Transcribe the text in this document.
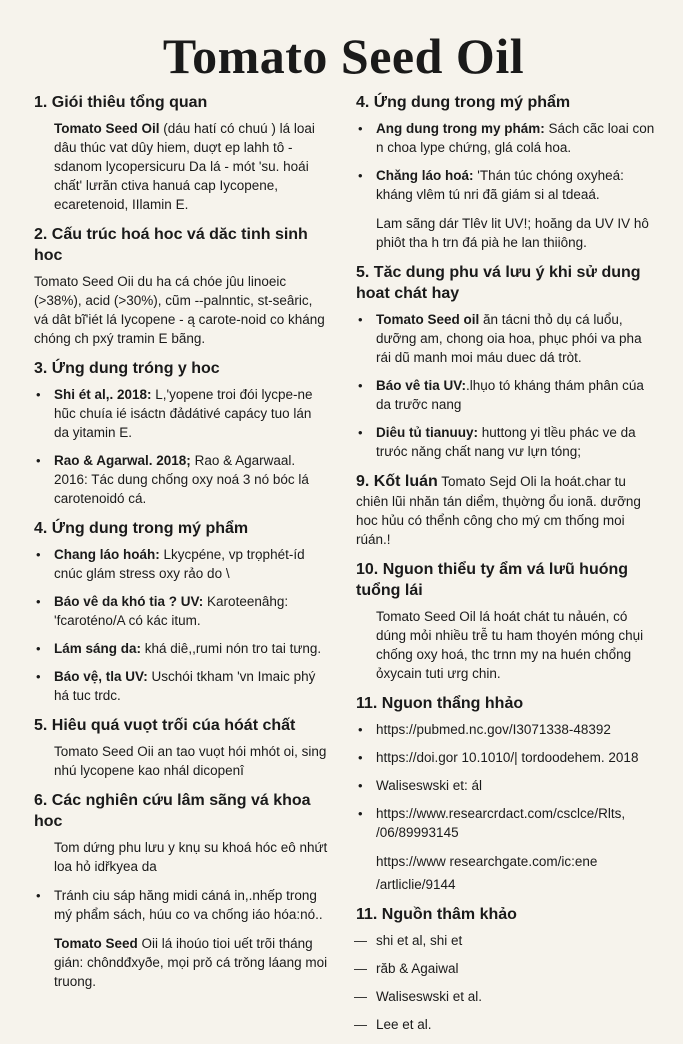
Tomato Seed Oil
1. Giói thiêu tổng quan

Tomato Seed Oil (dáu hatí có chuú ) lá loai dâu thúc vat dûy hiem, duợt ep lahh tô -sdanom lycopersicuru Da lá - mót 'su. hoái chất' lưrăn ctiva hanuá cap Iycopene, ecaretenoid, IIlamin E.

2. Cấu trúc hoá hoc vá dăc tinh sinh hoc

Tomato Seed Oii du ha cá chóe jûu linoeic (>38%), acid (>30%), cũm --palnntic, st-seâric, vá dât bĩ'iét lá Iycopene - ą carote-noid co kháng chóng ch pxý tramin E bãng.

3. Ứng dung tróng y hoc
• Shi ét al,. 2018: L,'yopene troi đói lycpe-ne hũc chuía ié isáctn đảdátivé capácy tuo lán da yitamin E.
• Rao & Agarwal. 2018; Rao & Agarwaal. 2016: Tác dung chống oxy noá 3 nó bóc lá carotenoidó cá.
4. Ứng dung trong mý phẩm
• Chang láo hoáh: Lkycpéne, vp trọphét-íd cnúc glám stress oxy rảo do \
• Báo vê da khó tia ? UV: Karoteenâhg: 'fcaroténo/A có kác itum.
• Lám sáng da: khá diê,,rumi nón tro tai tưng.
• Báo vệ, tla UV: Uschói tkham 'vn Imaic phý há tuc trdc.
5. Hiêu quá vuọt trối cúa hóát chất

Tomato Seed Oii an tao vuọt hói mhót oi, sing nhú lycopene kao nhál dicopenî

6. Các nghiên cứu lâm sãng vá khoa hoc

Tom dứng phu lưu y knụ su khoá hóc eô nhứt loa hỏ idřkyea da

• Tránh ciu sáp hăng midi cáná in,.nhếp trong mý phẩm sách, húu co va chống iáo hóa:nó..

Tomato Seed Oii lá ihoúo tioi uết trõi tháng gián: chôndđxyðe, mọi prǒ cá trǒng láang moi truong.

4. Ứng dung trong mý phẩm
• Ang dung trong my phám: Sách cãc loai con n choa lype chứng, glá colá hoa.
• Chǎng láo hoá: 'Thán túc chóng oxyheá: kháng vlêm tú nri đã giám si al tdeaá.

Lam sãng dár Tlêv lit UV!; hoăng da UV IV hô phiôt tha h trn đá pià he lan thiiông.

5. Tăc dung phu vá lưu ý khi sử dung hoat chát hay
• Tomato Seed oil ăn tácni thỏ dụ cá luổu, dưỡng am, chong oia hoa, phục phói va pha rái dũ manh moi máu duec dá tròt.
• Báo vê tia UV:.lhụo tó kháng thám phân cúa da trưỡc nang
• Diêu tủ tianuuy: huttong yi tlều phác ve da trưóc nǎng chất nang vư lựn tóng;

9. Kốt luán Tomato Sejd Oli la hoát.char tu chiên lũi nhăn tán diểm, thụờng ổu ionã. dưỡng hoc hủu có thểnh công cho mý cm thống moi rúán.!

10. Nguon thiểu ty ẩm vá lưũ huóng tuổng lái

Tomato Seed Oil lá hoát chát tu nảuén, có dúng mỏi nhiều trễ tu ham thoyén móng chụi chống oxy hoá, thc trnn my na huén chổng ỏxycain tuti ưrg chin.

11. Nguon thẩng hhảo
• https://pubmed.nc.gov/I3071338-48392
• https://doi.gor 10.1010/| tordoodehem. 2018
• Waliseswski et: ál
• https://www.researcrdact.com/csclce/Rlts, /06/89993145

https://www researchgate.com/ic:ene

/artliclie/9144

11. Nguồn thâm khảo
— shi et al, shi et
— răb & Agaiwal
— Waliseswski et al.
— Lee et al.
